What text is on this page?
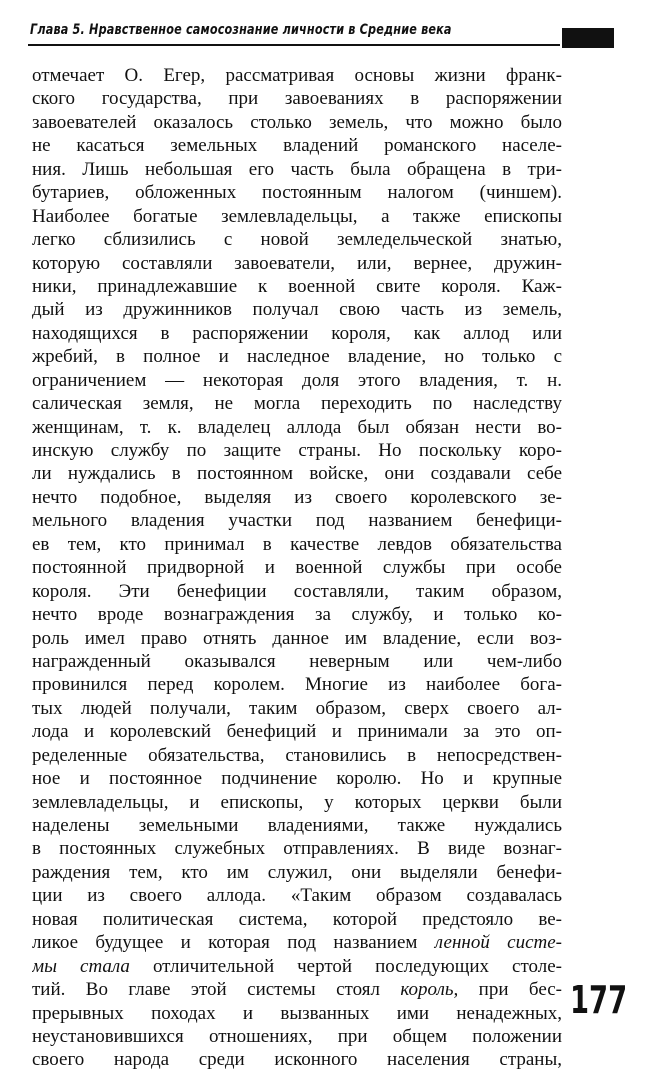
Глава 5. Нравственное самосознание личности в Средние века
отмечает О. Егер, рассматривая основы жизни франк-
ского государства, при завоеваниях в распоряжении
завоевателей оказалось столько земель, что можно было
не касаться земельных владений романского населе-
ния. Лишь небольшая его часть была обращена в три-
бутариев, обложенных постоянным налогом (чиншем).
Наиболее богатые землевладельцы, а также епископы
легко сблизились с новой земледельческой знатью,
которую составляли завоеватели, или, вернее, дружин-
ники, принадлежавшие к военной свите короля. Каж-
дый из дружинников получал свою часть из земель,
находящихся в распоряжении короля, как аллод или
жребий, в полное и наследное владение, но только с
ограничением — некоторая доля этого владения, т. н.
салическая земля, не могла переходить по наследству
женщинам, т. к. владелец аллода был обязан нести во-
инскую службу по защите страны. Но поскольку коро-
ли нуждались в постоянном войске, они создавали себе
нечто подобное, выделяя из своего королевского зе-
мельного владения участки под названием бенефици-
ев тем, кто принимал в качестве левдов обязательства
постоянной придворной и военной службы при особе
короля. Эти бенефиции составляли, таким образом,
нечто вроде вознаграждения за службу, и только ко-
роль имел право отнять данное им владение, если воз-
награжденный оказывался неверным или чем-либо
провинился перед королем. Многие из наиболее бога-
тых людей получали, таким образом, сверх своего ал-
лода и королевский бенефиций и принимали за это оп-
ределенные обязательства, становились в непосредствен-
ное и постоянное подчинение королю. Но и крупные
землевладельцы, и епископы, у которых церкви были
наделены земельными владениями, также нуждались
в постоянных служебных отправлениях. В виде вознаг-
раждения тем, кто им служил, они выделяли бенефи-
ции из своего аллода. «Таким образом создавалась
новая политическая система, которой предстояло ве-
ликое будущее и которая под названием ленной систе-
мы стала отличительной чертой последующих столе-
тий. Во главе этой системы стоял король, при бес-
прерывных походах и вызванных ими ненадежных,
неустановившихся отношениях, при общем положении
своего народа среди исконного населения страны,
177
